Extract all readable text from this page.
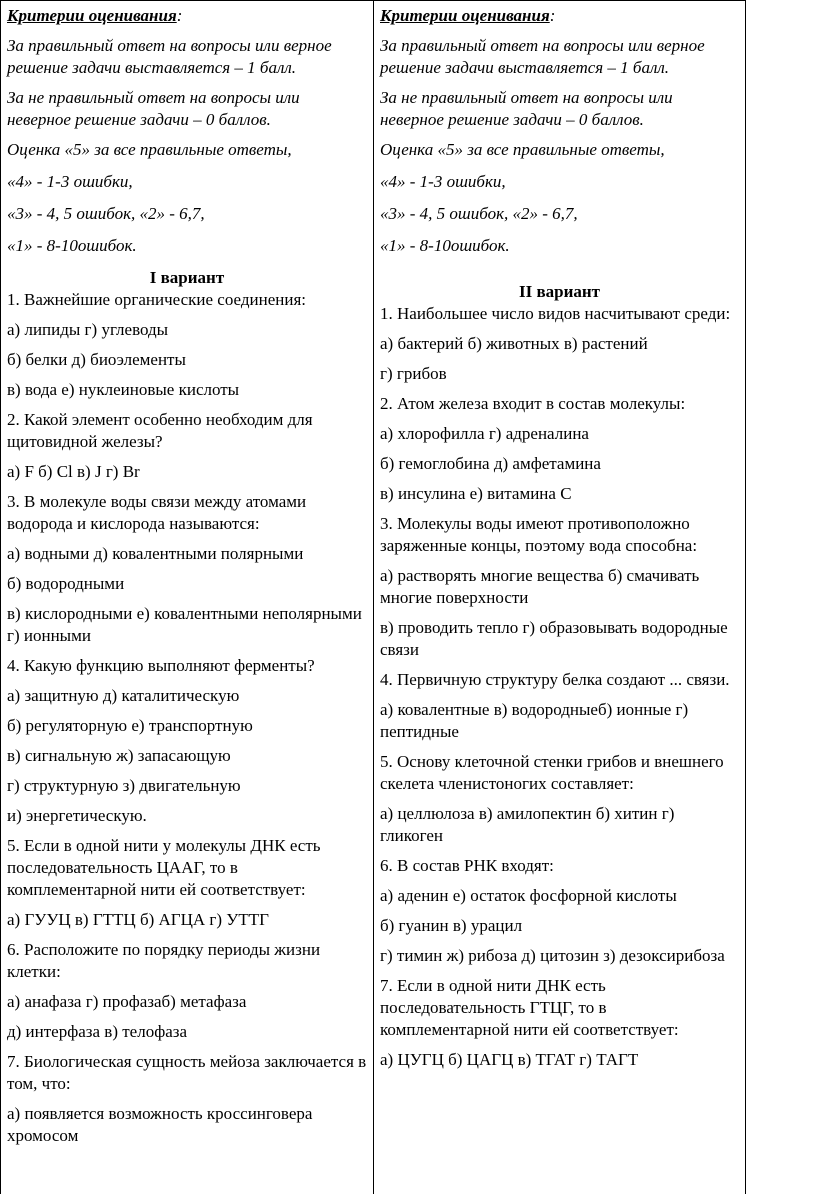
Критерии оценивания:

За правильный ответ на вопросы или верное решение задачи выставляется – 1 балл.

За не правильный ответ на вопросы или неверное решение задачи – 0 баллов.

Оценка «5» за все правильные ответы,

«4» - 1-3 ошибки,

«3» - 4, 5 ошибок, «2» - 6,7,

«1» - 8-10ошибок.

I вариант

1. Важнейшие органические соединения:

а) липиды г) углеводы

б) белки д) биоэлементы

в) вода е) нуклеиновые кислоты

2. Какой элемент особенно необходим для щитовидной железы?

а) F б) Cl в) J г) Br

3. В молекуле воды связи между атомами водорода и кислорода называются:

а) водными д) ковалентными полярными

б) водородными

в) кислородными е) ковалентными неполярными г) ионными

4. Какую функцию выполняют ферменты?

а) защитную д) каталитическую

б) регуляторную е) транспортную

в) сигнальную ж) запасающую

г) структурную з) двигательную

и) энергетическую.

5. Если в одной нити у молекулы ДНК есть последовательность ЦААГ, то в комплементарной нити ей соответствует:

а) ГУУЦ в) ГТТЦ б) АГЦА г) УТТГ

6. Расположите по порядку периоды жизни клетки:

а) анафаза г) профазаб) метафаза

д) интерфаза в) телофаза

7. Биологическая сущность мейоза заключается в том, что:

а) появляется возможность кроссинговера хромосом

Критерии оценивания:

За правильный ответ на вопросы или верное решение задачи выставляется – 1 балл.

За не правильный ответ на вопросы или неверное решение задачи – 0 баллов.

Оценка «5» за все правильные ответы,

«4» - 1-3 ошибки,

«3» - 4, 5 ошибок, «2» - 6,7,

«1» - 8-10ошибок.

II вариант

1. Наибольшее число видов насчитывают среди:

а) бактерий б) животных в) растений

г) грибов

2. Атом железа входит в состав молекулы:

а) хлорофилла г) адреналина

б) гемоглобина д) амфетамина

в) инсулина е) витамина С

3. Молекулы воды имеют противоположно заряженные концы, поэтому вода способна:

а) растворять многие вещества б) смачивать многие поверхности

в) проводить тепло г) образовывать водородные связи

4. Первичную структуру белка создают ... связи.

а) ковалентные в) водородныеб) ионные г) пептидные

5. Основу клеточной стенки грибов и внешнего скелета членистоногих составляет:

а) целлюлоза в) амилопектин б) хитин г) гликоген

6. В состав РНК входят:

а) аденин е) остаток фосфорной кислоты

б) гуанин в) урацил

г) тимин ж) рибоза д) цитозин з) дезоксирибоза

7. Если в одной нити ДНК есть последовательность ГТЦГ, то в комплементарной нити ей соответствует:

а) ЦУГЦ б) ЦАГЦ в) ТГАТ г) ТАГТ
